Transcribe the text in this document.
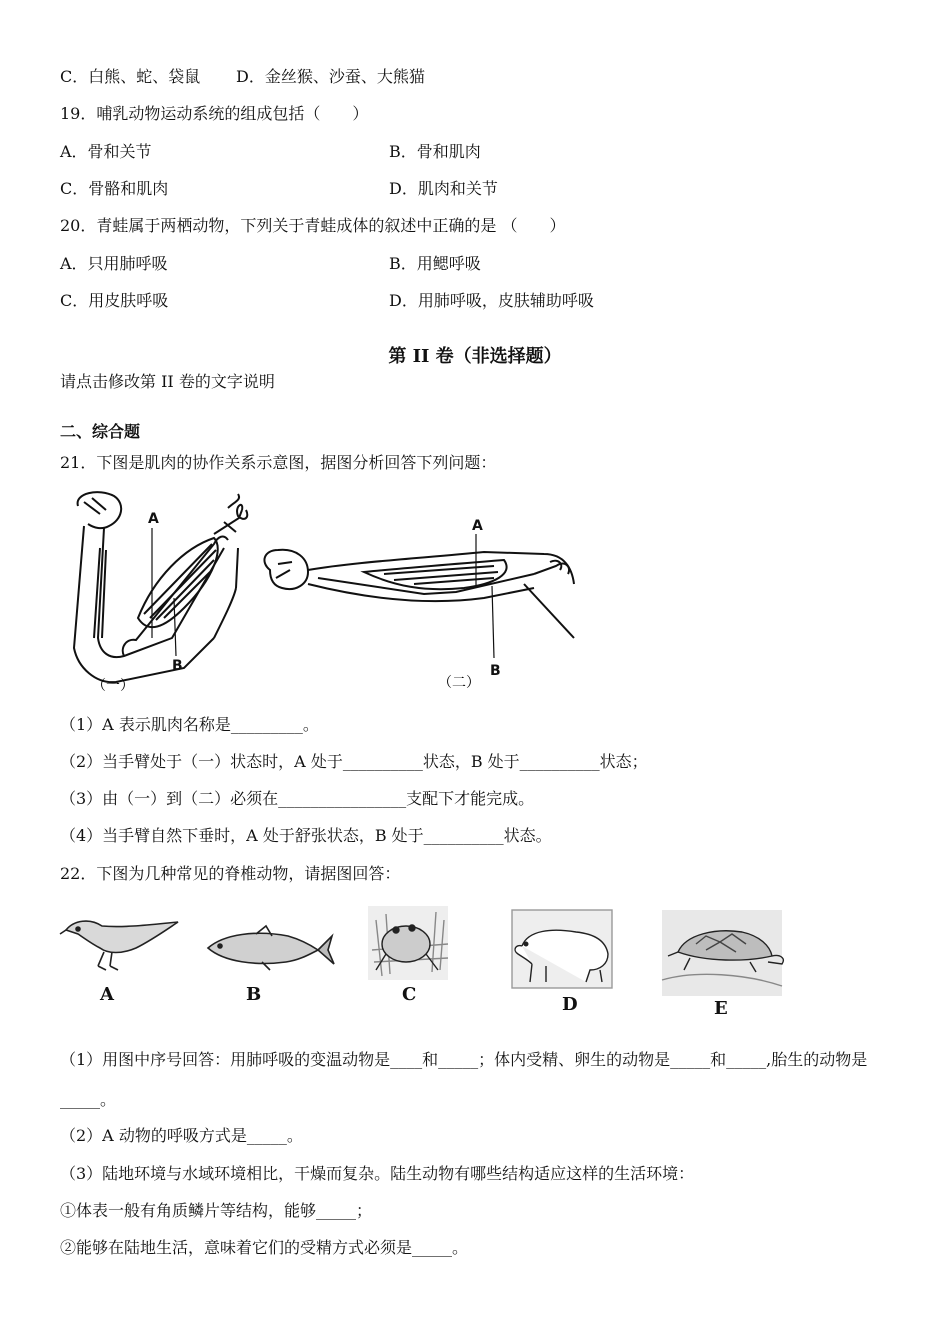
C．白熊、蛇、袋鼠 D．金丝猴、沙蚕、大熊猫
19．哺乳动物运动系统的组成包括（　　）
A．骨和关节	B．骨和肌肉
C．骨骼和肌肉	D．肌肉和关节
20．青蛙属于两栖动物，下列关于青蛙成体的叙述中正确的是 （　　）
A．只用肺呼吸	B．用鳃呼吸
C．用皮肤呼吸	D．用肺呼吸，皮肤辅助呼吸
第 II 卷（非选择题）
请点击修改第 II 卷的文字说明
二、综合题
21．下图是肌肉的协作关系示意图，据图分析回答下列问题：
A
B
（一）
A
B
（二）
（1）A 表示肌肉名称是_________。
（2）当手臂处于（一）状态时，A 处于__________状态，B 处于__________状态；
（3）由（一）到（二）必须在________________支配下才能完成。
（4）当手臂自然下垂时，A 处于舒张状态，B 处于__________状态。
22．下图为几种常见的脊椎动物，请据图回答：
A	B	C	D	E
（1）用图中序号回答：用肺呼吸的变温动物是____和_____；体内受精、卵生的动物是_____和_____,胎生的动物是
_____。
（2）A 动物的呼吸方式是_____。
（3）陆地环境与水域环境相比，干燥而复杂。陆生动物有哪些结构适应这样的生活环境：
①体表一般有角质鳞片等结构，能够_____；
②能够在陆地生活，意味着它们的受精方式必须是_____。
